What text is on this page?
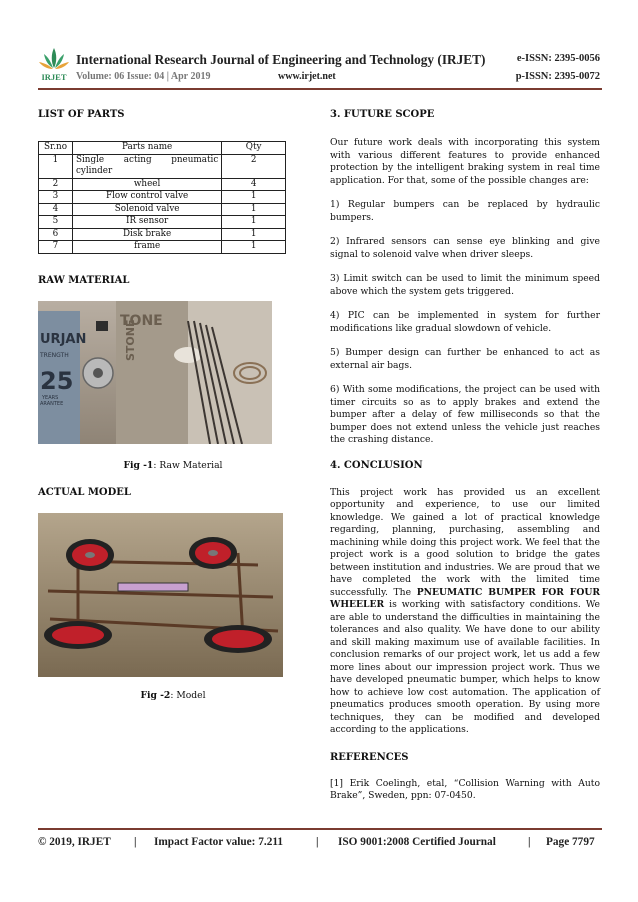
IRJET
International Research Journal of Engineering and Technology (IRJET)
Volume: 06 Issue: 04 | Apr 2019	www.irjet.net
e-ISSN: 2395-0056
p-ISSN: 2395-0072
LIST OF PARTS
Sr.no	Parts name	Qty
1	Single acting pneumatic cylinder	2
2	wheel	4
3	Flow control valve	1
4	Solenoid valve	1
5	IR sensor	1
6	Disk brake	1
7	frame	1
RAW MATERIAL
URJAN
TRENGTH
25
YEARS
ARANTEE
TONE
STONE
Fig -1: Raw Material
ACTUAL MODEL
Fig -2: Model
3. FUTURE SCOPE

Our future work deals with incorporating this system with various different features to provide enhanced protection by the intelligent braking system in real time application. For that, some of the possible changes are:

1) Regular bumpers can be replaced by hydraulic bumpers.

2) Infrared sensors can sense eye blinking and give signal to solenoid valve when driver sleeps.

3) Limit switch can be used to limit the minimum speed above which the system gets triggered.

4) PIC can be implemented in system for further modifications like gradual slowdown of vehicle.

5) Bumper design can further be enhanced to act as external air bags.

6) With some modifications, the project can be used with timer circuits so as to apply brakes and extend the bumper after a delay of few milliseconds so that the bumper does not extend unless the vehicle just reaches the crashing distance.

4. CONCLUSION

This project work has provided us an excellent opportunity and experience, to use our limited knowledge. We gained a lot of practical knowledge regarding, planning, purchasing, assembling and machining while doing this project work. We feel that the project work is a good solution to bridge the gates between institution and industries. We are proud that we have completed the work with the limited time successfully. The PNEUMATIC BUMPER FOR FOUR WHEELER is working with satisfactory conditions. We are able to understand the difficulties in maintaining the tolerances and also quality. We have done to our ability and skill making maximum use of available facilities. In conclusion remarks of our project work, let us add a few more lines about our impression project work. Thus we have developed pneumatic bumper, which helps to know how to achieve low cost automation. The application of pneumatics produces smooth operation. By using more techniques, they can be modified and developed according to the applications.

REFERENCES

[1] Erik Coelingh, etal, “Collision Warning with Auto Brake”, Sweden, ppn: 07-0450.

© 2019, IRJET | Impact Factor value: 7.211	| ISO 9001:2008 Certified Journal	| Page 7797
